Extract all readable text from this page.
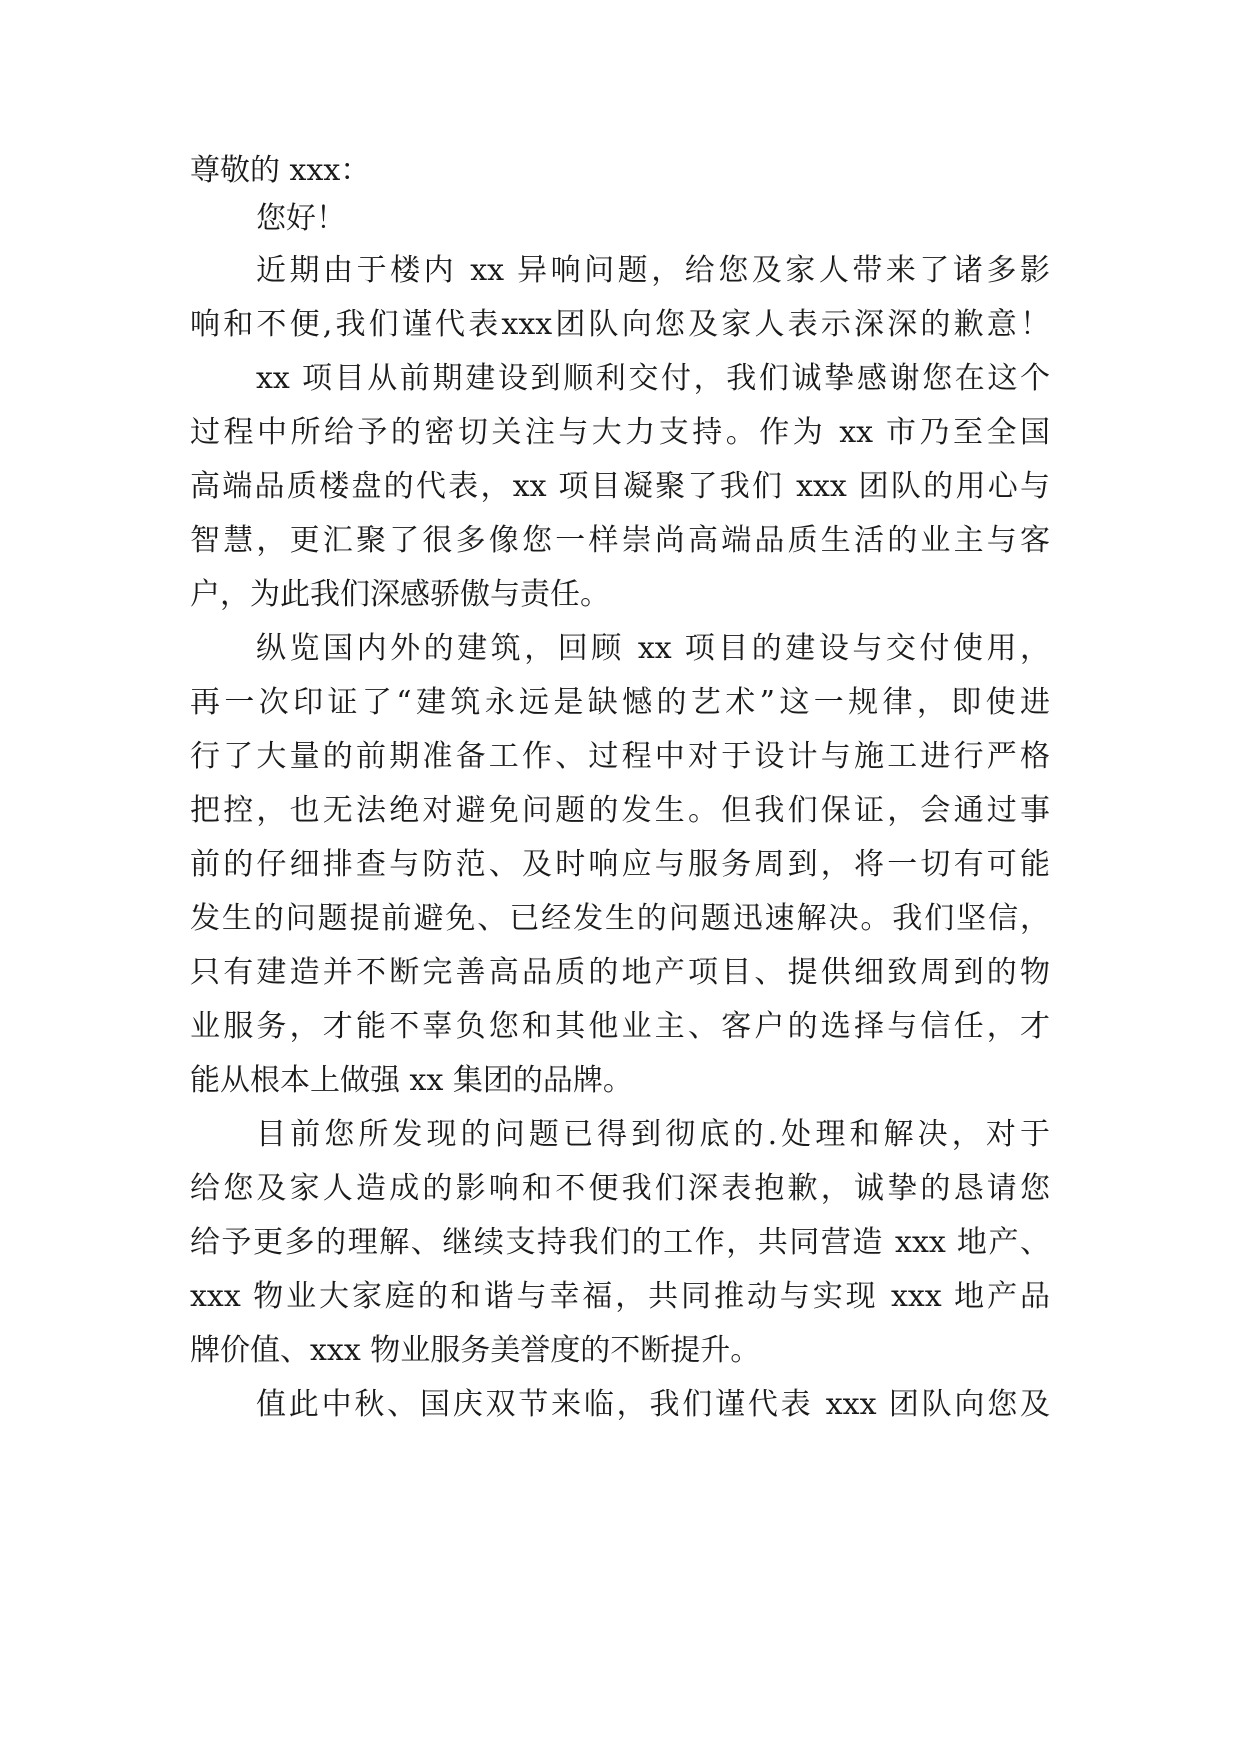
尊敬的 xxx：
您好！
近期由于楼内 xx 异响问题，给您及家人带来了诸多影
响和不便,我们谨代表xxx团队向您及家人表示深深的歉意！
xx 项目从前期建设到顺利交付，我们诚挚感谢您在这个
过程中所给予的密切关注与大力支持。作为 xx 市乃至全国
高端品质楼盘的代表，xx 项目凝聚了我们 xxx 团队的用心与
智慧，更汇聚了很多像您一样崇尚高端品质生活的业主与客
户，为此我们深感骄傲与责任。
纵览国内外的建筑，回顾 xx 项目的建设与交付使用，
再一次印证了“建筑永远是缺憾的艺术”这一规律，即使进
行了大量的前期准备工作、过程中对于设计与施工进行严格
把控，也无法绝对避免问题的发生。但我们保证，会通过事
前的仔细排查与防范、及时响应与服务周到，将一切有可能
发生的问题提前避免、已经发生的问题迅速解决。我们坚信，
只有建造并不断完善高品质的地产项目、提供细致周到的物
业服务，才能不辜负您和其他业主、客户的选择与信任，才
能从根本上做强 xx 集团的品牌。
目前您所发现的问题已得到彻底的.处理和解决，对于
给您及家人造成的影响和不便我们深表抱歉，诚挚的恳请您
给予更多的理解、继续支持我们的工作，共同营造 xxx 地产、
xxx 物业大家庭的和谐与幸福，共同推动与实现 xxx 地产品
牌价值、xxx 物业服务美誉度的不断提升。
值此中秋、国庆双节来临，我们谨代表 xxx 团队向您及
